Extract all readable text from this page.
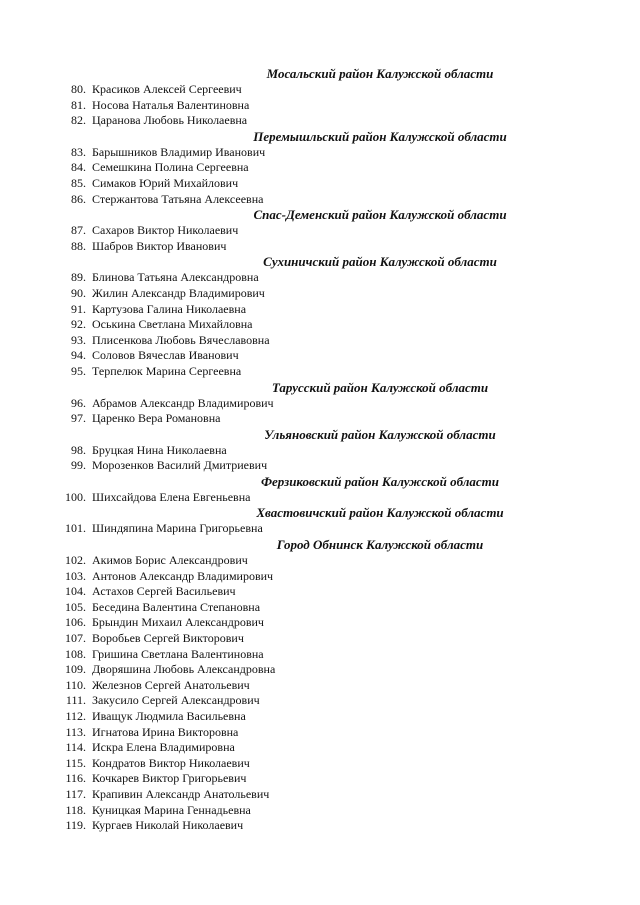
Мосальский район Калужской области
80. Красиков Алексей Сергеевич
81. Носова Наталья Валентиновна
82. Царанова Любовь Николаевна
Перемышльский район Калужской области
83. Барышников Владимир Иванович
84. Семешкина Полина Сергеевна
85. Симаков Юрий Михайлович
86. Стержантова Татьяна Алексеевна
Спас-Деменский район Калужской области
87. Сахаров Виктор Николаевич
88. Шабров Виктор Иванович
Сухиничский район Калужской области
89. Блинова Татьяна Александровна
90. Жилин Александр Владимирович
91. Картузова Галина Николаевна
92. Оськина Светлана Михайловна
93. Плисенкова Любовь Вячеславовна
94. Соловов Вячеслав Иванович
95. Терпелюк Марина Сергеевна
Тарусский район Калужской области
96. Абрамов Александр Владимирович
97. Царенко Вера Романовна
Ульяновский район Калужской области
98. Бруцкая Нина Николаевна
99. Морозенков Василий Дмитриевич
Ферзиковский район Калужской области
100. Шихсайдова Елена Евгеньевна
Хвастовичский район Калужской области
101. Шиндяпина Марина Григорьевна
Город Обнинск Калужской области
102. Акимов Борис Александрович
103. Антонов Александр Владимирович
104. Астахов Сергей Васильевич
105. Беседина Валентина Степановна
106. Брындин Михаил Александрович
107. Воробьев Сергей Викторович
108. Гришина Светлана Валентиновна
109. Дворяшина Любовь Александровна
110. Железнов Сергей Анатольевич
111. Закусило Сергей Александрович
112. Иващук Людмила Васильевна
113. Игнатова Ирина Викторовна
114. Искра Елена Владимировна
115. Кондратов Виктор Николаевич
116. Кочкарев Виктор Григорьевич
117. Крапивин Александр Анатольевич
118. Куницкая Марина Геннадьевна
119. Кургаев Николай Николаевич
